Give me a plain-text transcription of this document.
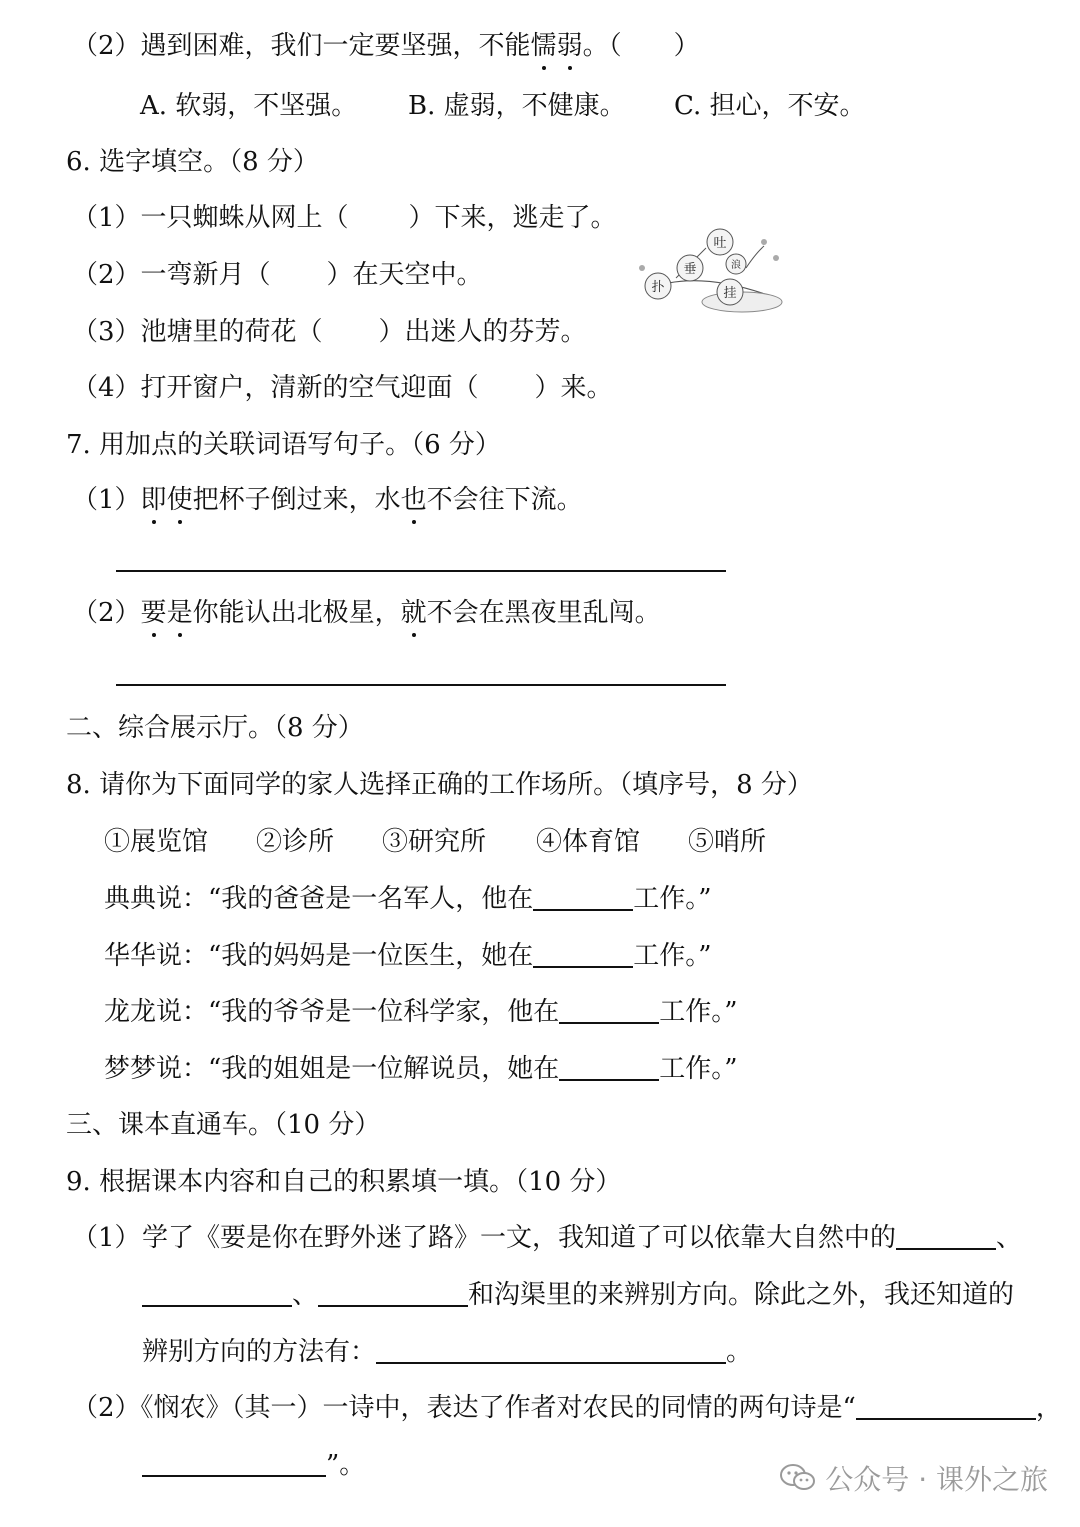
（2）遇到困难，我们一定要坚强，不能懦弱。（　　）
A. 软弱，不坚强。 B. 虚弱，不健康。 C. 担心，不安。
6. 选字填空。（8 分）
（1）一只蜘蛛从网上（ ）下来，逃走了。
（2）一弯新月（ ）在天空中。
（3）池塘里的荷花（ ）出迷人的芬芳。
（4）打开窗户，清新的空气迎面（ ）来。
吐
垂	浪
扑	挂
7. 用加点的关联词语写句子。（6 分）
（1）即使把杯子倒过来，水也不会往下流。
（2）要是你能认出北极星，就不会在黑夜里乱闯。
二、综合展示厅。（8 分）
8. 请你为下面同学的家人选择正确的工作场所。（填序号，8 分）
①展览馆 ②诊所 ③研究所 ④体育馆 ⑤哨所
典典说：“我的爸爸是一名军人，他在	工作。”
华华说：“我的妈妈是一位医生，她在	工作。”
龙龙说：“我的爷爷是一位科学家，他在	工作。”
梦梦说：“我的姐姐是一位解说员，她在	工作。”
三、课本直通车。（10 分）
9. 根据课本内容和自己的积累填一填。（10 分）
（1） 学了《要是你在野外迷了路》一文，我知道了可以依靠大自然中的	、
、	和沟渠里的来辨别方向。除此之外，我还知道的
辨别方向的方法有：	。
（2）《悯农》（其一）一诗中，表达了作者对农民的同情的两句诗是“	，
”。	公众号 · 课外之旅
